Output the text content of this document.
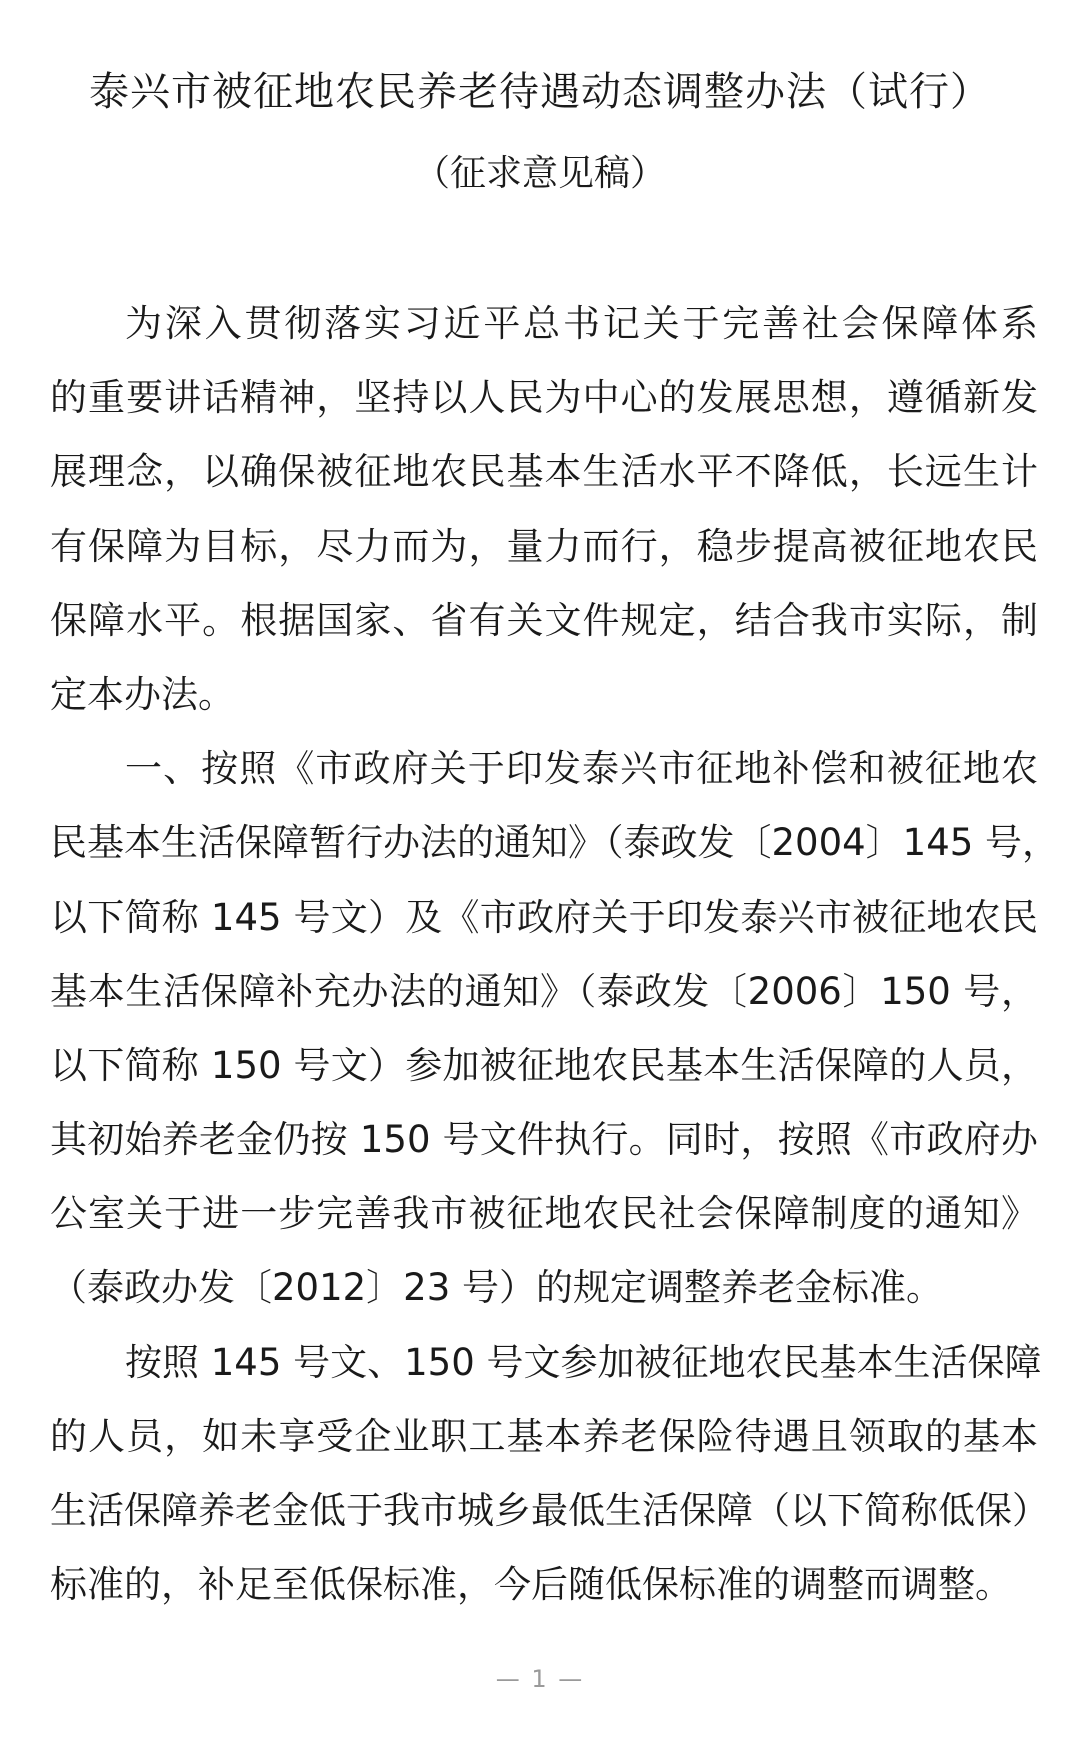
泰兴市被征地农民养老待遇动态调整办法（试行）
（征求意见稿）
为深入贯彻落实习近平总书记关于完善社会保障体系
的重要讲话精神，坚持以人民为中心的发展思想，遵循新发
展理念，以确保被征地农民基本生活水平不降低，长远生计
有保障为目标，尽力而为，量力而行，稳步提高被征地农民
保障水平。根据国家、省有关文件规定，结合我市实际，制
定本办法。
一、按照《市政府关于印发泰兴市征地补偿和被征地农
民基本生活保障暂行办法的通知》（泰政发〔2004〕145 号，
以下简称 145 号文）及《市政府关于印发泰兴市被征地农民
基本生活保障补充办法的通知》（泰政发〔2006〕150 号，
以下简称 150 号文）参加被征地农民基本生活保障的人员，
其初始养老金仍按 150 号文件执行。同时，按照《市政府办
公室关于进一步完善我市被征地农民社会保障制度的通知》
（泰政办发〔2012〕23 号）的规定调整养老金标准。
按照 145 号文、150 号文参加被征地农民基本生活保障
的人员，如未享受企业职工基本养老保险待遇且领取的基本
生活保障养老金低于我市城乡最低生活保障（以下简称低保）
标准的，补足至低保标准，今后随低保标准的调整而调整。
— 1 —
